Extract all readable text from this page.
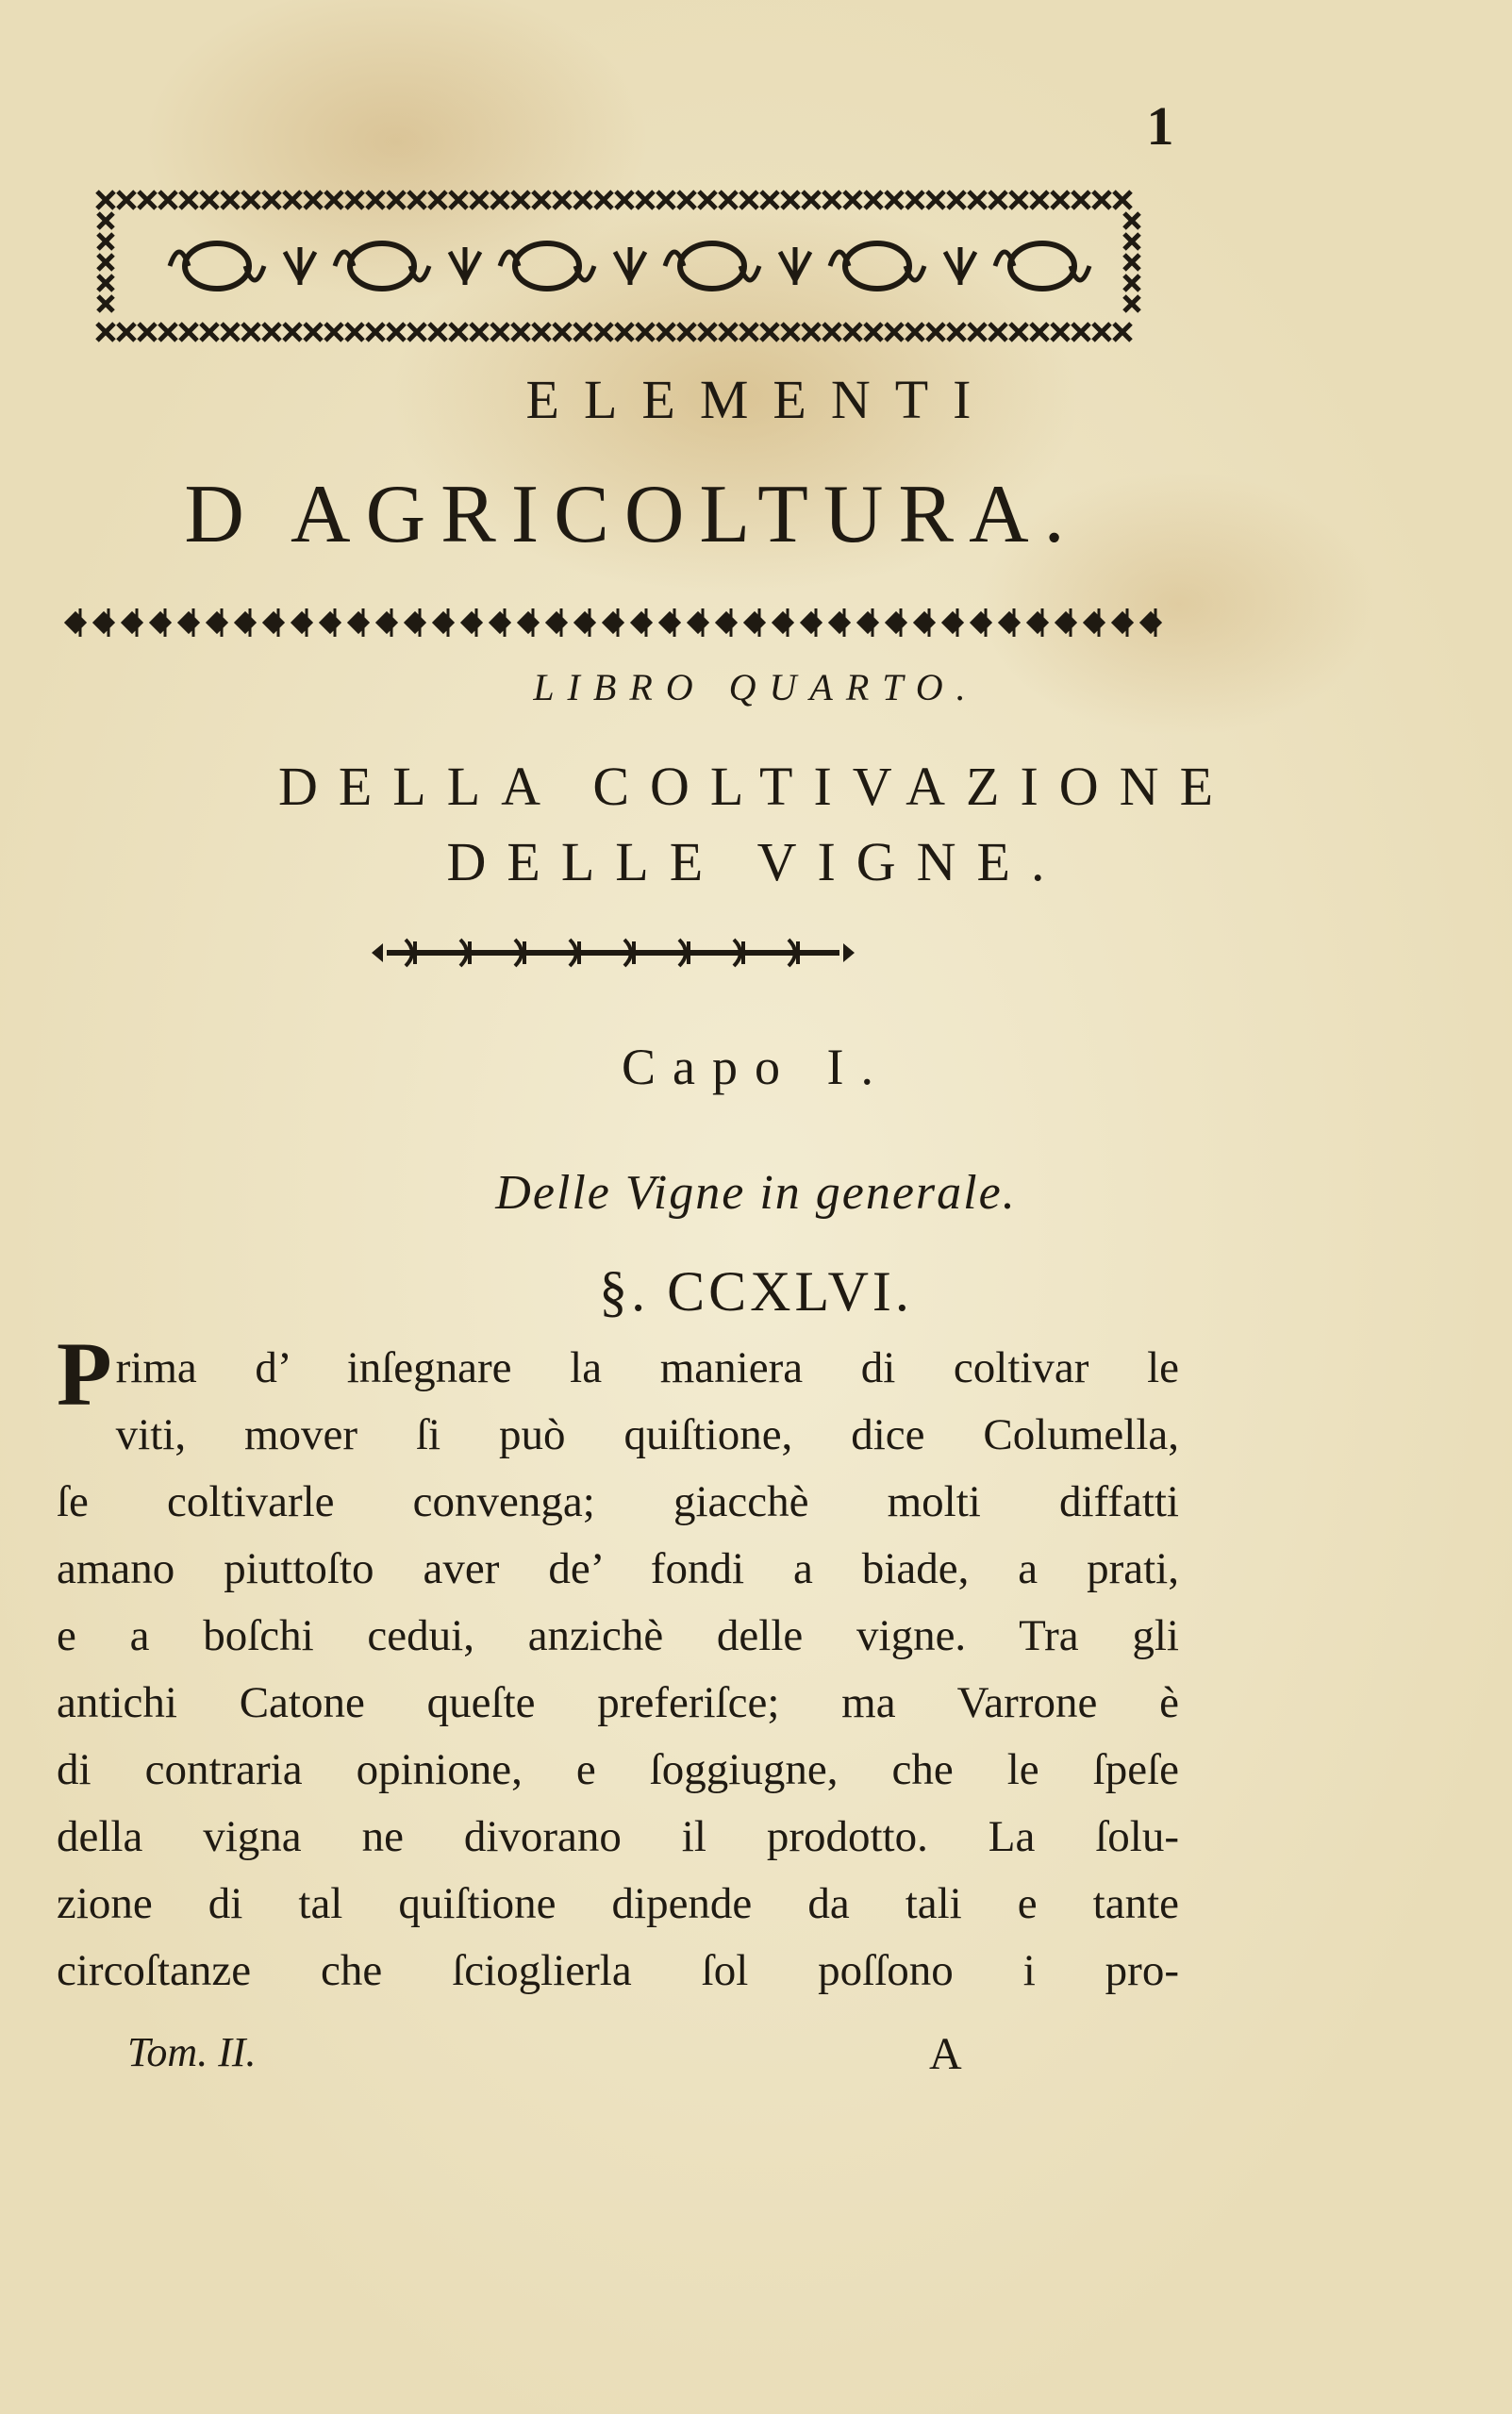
1
ELEMENTI
D AGRICOLTURA.
LIBRO QUARTO.
DELLA COLTIVAZIONE
DELLE VIGNE.
Capo I.
Delle Vigne in generale.
§. CCXLVI.
P rima d’ inſegnare la maniera di coltivar le
viti, mover ſi può quiſtione, dice Columella,
ſe coltivarle convenga; giacchè molti diffatti
amano piuttoſto aver de’ fondi a biade, a prati,
e a boſchi cedui, anzichè delle vigne. Tra gli
antichi Catone queſte preferiſce; ma Varrone è
di contraria opinione, e ſoggiugne, che le ſpeſe
della vigna ne divorano il prodotto. La ſolu-
zione di tal quiſtione dipende da tali e tante
circoſtanze che ſcioglierla ſol poſſono i pro-
Tom. II.	A
